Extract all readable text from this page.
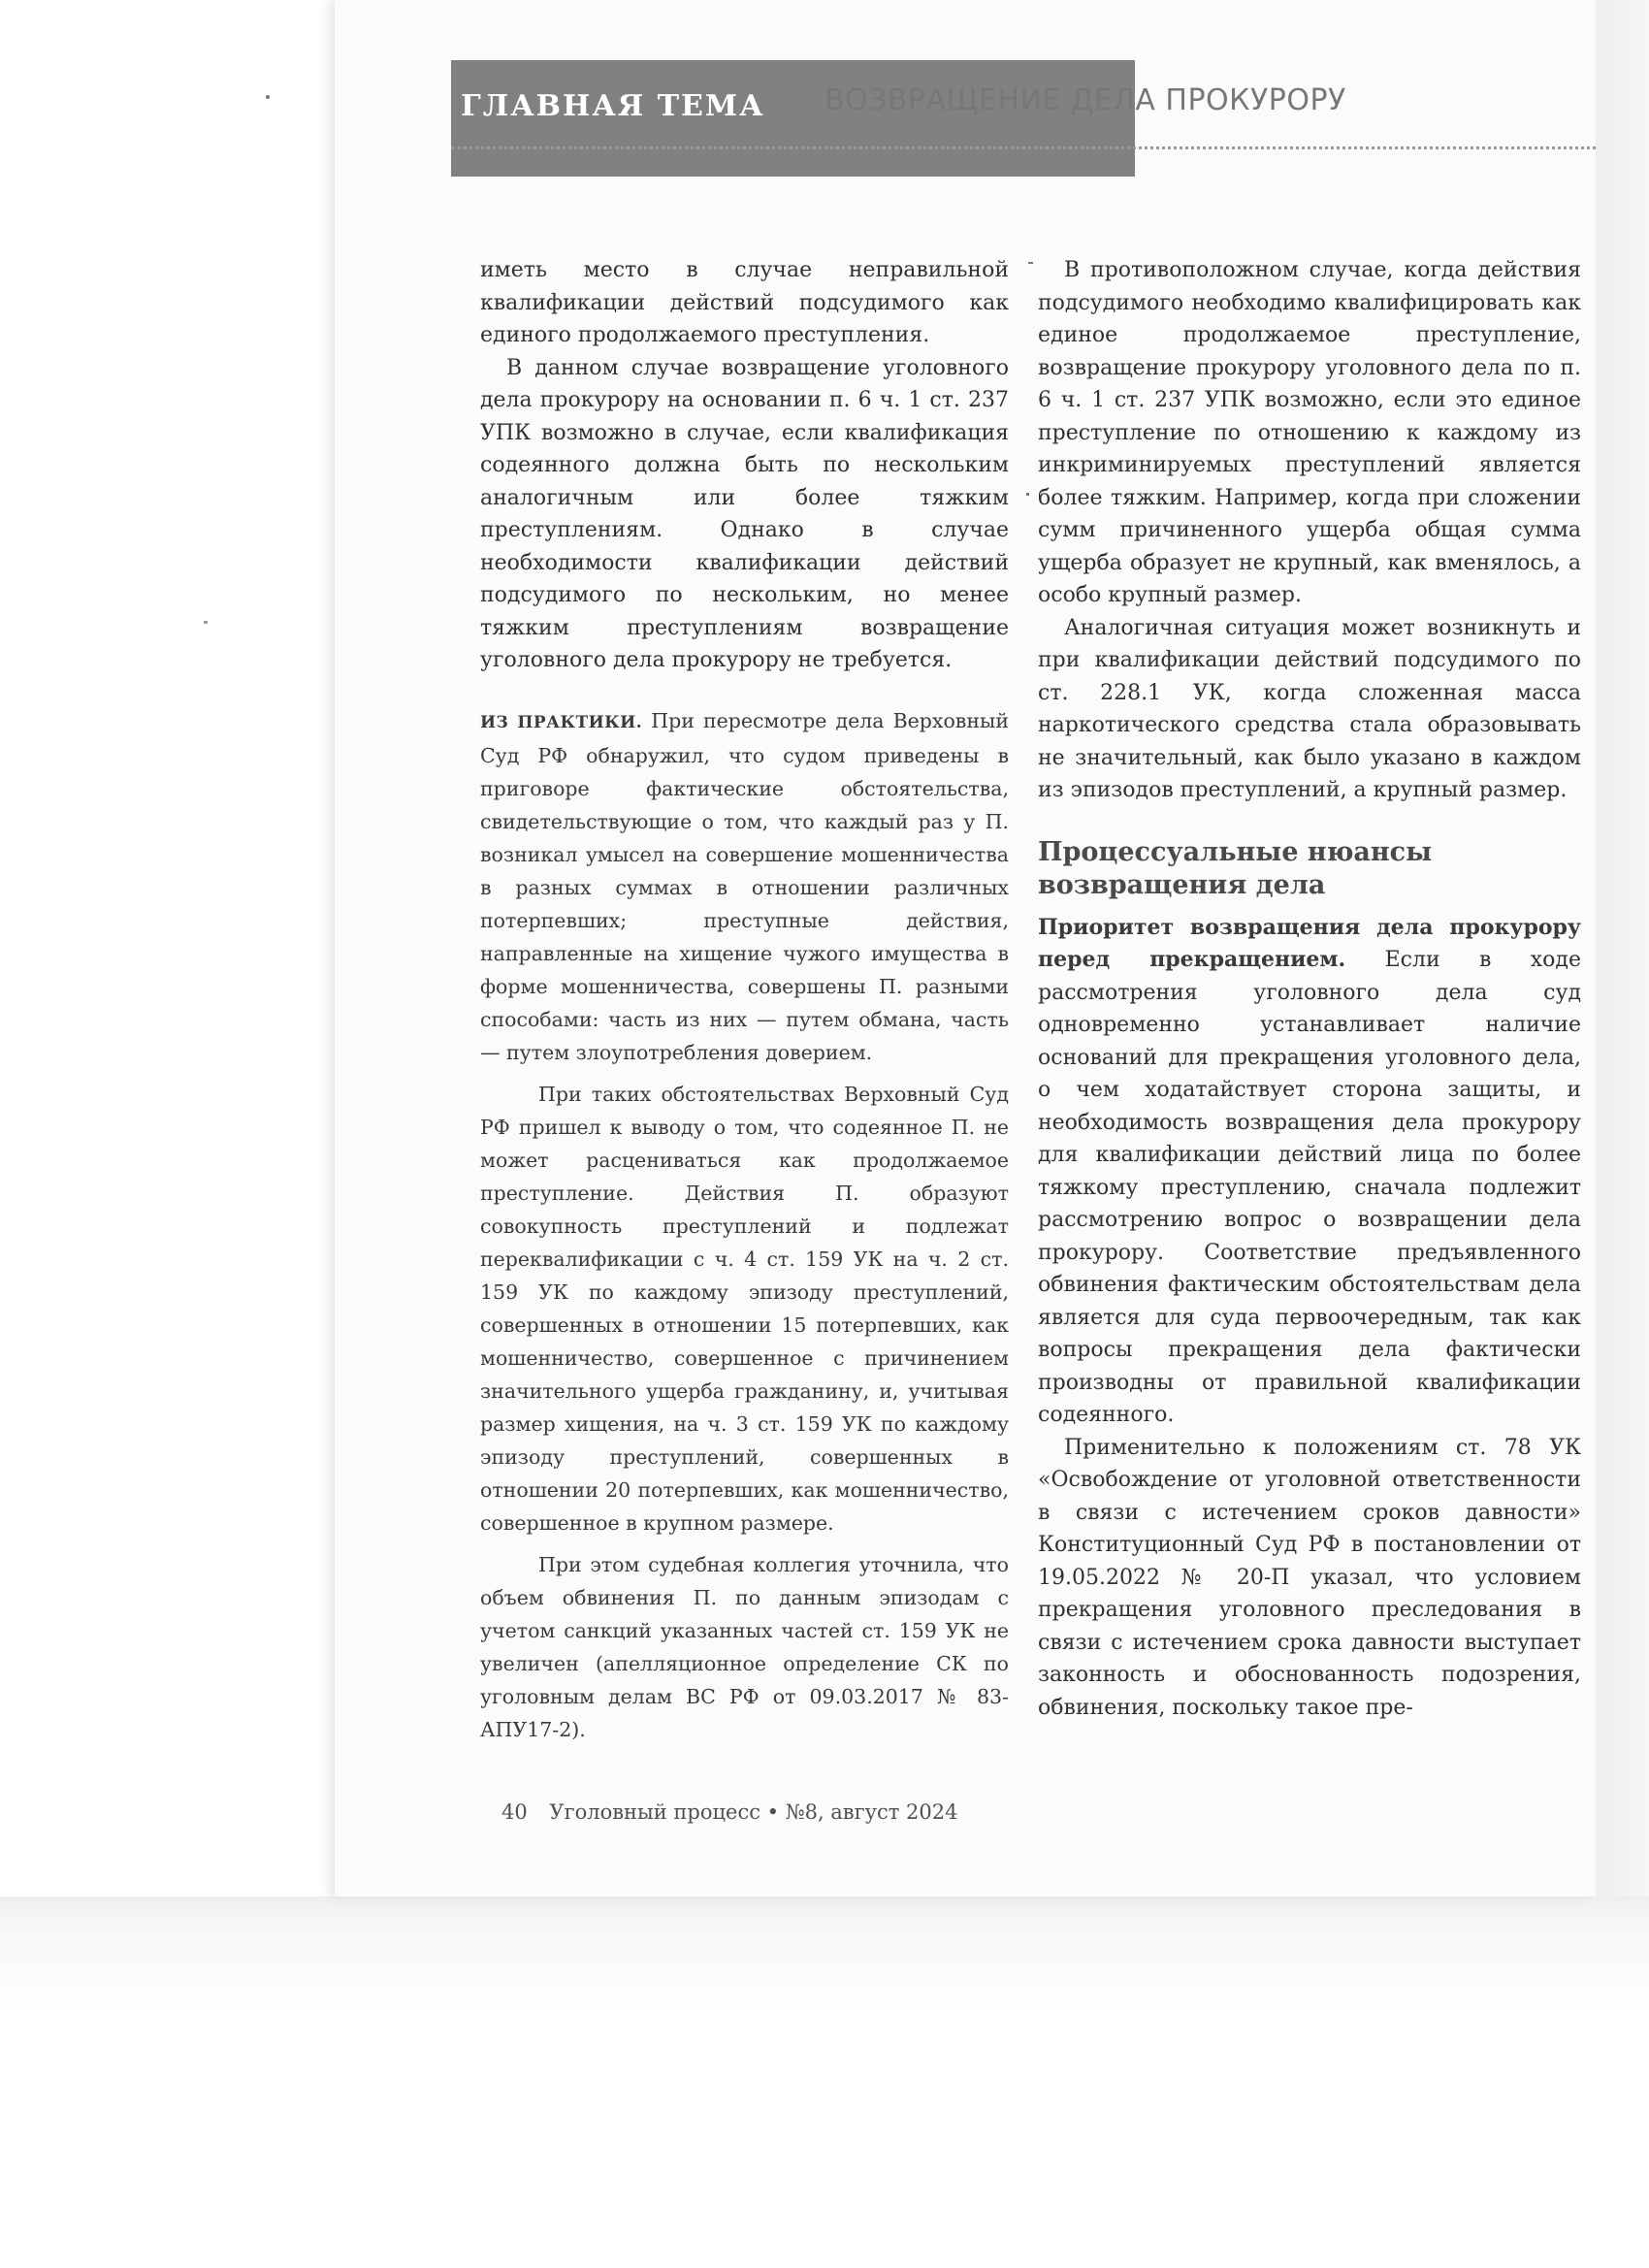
ГЛАВНАЯ ТЕМА ВОЗВРАЩЕНИЕ ДЕЛА ПРОКУРОРУ

иметь место в случае неправильной квалификации действий подсудимого как единого продолжаемого преступления.

В данном случае возвращение уголовного дела прокурору на основании п. 6 ч. 1 ст. 237 УПК возможно в случае, если квалификация содеянного должна быть по нескольким аналогичным или более тяжким преступлениям. Однако в случае необходимости квалификации действий подсудимого по нескольким, но менее тяжким преступлениям возвращение уголовного дела прокурору не требуется.

ИЗ ПРАКТИКИ. При пересмотре дела Верховный Суд РФ обнаружил, что судом приведены в приговоре фактические обстоятельства, свидетельствующие о том, что каждый раз у П. возникал умысел на совершение мошенничества в разных суммах в отношении различных потерпевших; преступные действия, направленные на хищение чужого имущества в форме мошенничества, совершены П. разными способами: часть из них — путем обмана, часть — путем злоупотребления доверием.

При таких обстоятельствах Верховный Суд РФ пришел к выводу о том, что содеянное П. не может расцениваться как продолжаемое преступление. Действия П. образуют совокупность преступлений и подлежат переквалификации с ч. 4 ст. 159 УК на ч. 2 ст. 159 УК по каждому эпизоду преступлений, совершенных в отношении 15 потерпевших, как мошенничество, совершенное с причинением значительного ущерба гражданину, и, учитывая размер хищения, на ч. 3 ст. 159 УК по каждому эпизоду преступлений, совершенных в отношении 20 потерпевших, как мошенничество, совершенное в крупном размере.

При этом судебная коллегия уточнила, что объем обвинения П. по данным эпизодам с учетом санкций указанных частей ст. 159 УК не увеличен (апелляционное определение СК по уголовным делам ВС РФ от 09.03.2017 № 83-АПУ17-2).

В противоположном случае, когда действия подсудимого необходимо квалифицировать как единое продолжаемое преступление, возвращение прокурору уголовного дела по п. 6 ч. 1 ст. 237 УПК возможно, если это единое преступление по отношению к каждому из инкриминируемых преступлений является более тяжким. Например, когда при сложении сумм причиненного ущерба общая сумма ущерба образует не крупный, как вменялось, а особо крупный размер.

Аналогичная ситуация может возникнуть и при квалификации действий подсудимого по ст. 228.1 УК, когда сложенная масса наркотического средства стала образовывать не значительный, как было указано в каждом из эпизодов преступлений, а крупный размер.

Процессуальные нюансы возвращения дела

Приоритет возвращения дела прокурору перед прекращением. Если в ходе рассмотрения уголовного дела суд одновременно устанавливает наличие оснований для прекращения уголовного дела, о чем ходатайствует сторона защиты, и необходимость возвращения дела прокурору для квалификации действий лица по более тяжкому преступлению, сначала подлежит рассмотрению вопрос о возвращении дела прокурору. Соответствие предъявленного обвинения фактическим обстоятельствам дела является для суда первоочередным, так как вопросы прекращения дела фактически производны от правильной квалификации содеянного.

Применительно к положениям ст. 78 УК «Освобождение от уголовной ответственности в связи с истечением сроков давности» Конституционный Суд РФ в постановлении от 19.05.2022 № 20-П указал, что условием прекращения уголовного преследования в связи с истечением срока давности выступает законность и обоснованность подозрения, обвинения, поскольку такое пре-

40 Уголовный процесс • №8, август 2024
